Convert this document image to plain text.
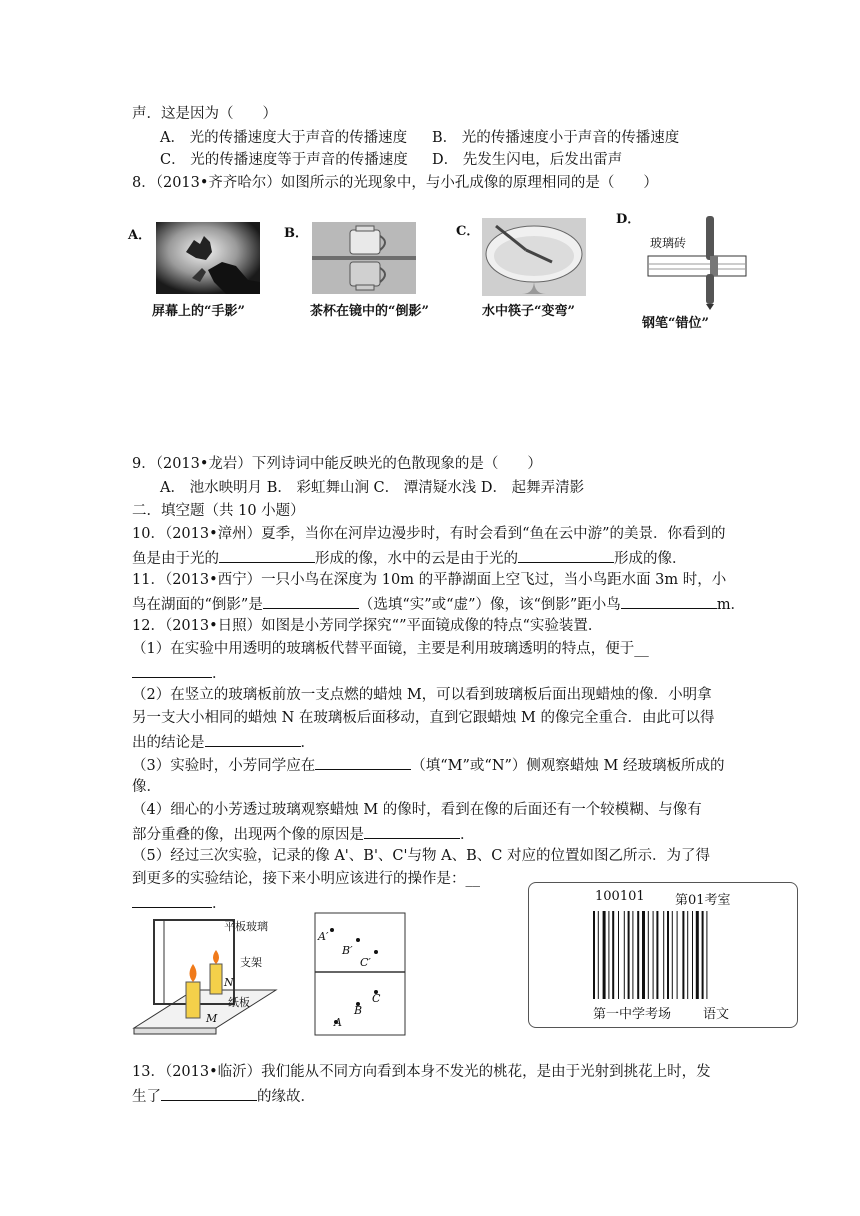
声．这是因为（　　）
A． 光的传播速度大于声音的传播速度 B． 光的传播速度小于声音的传播速度
C． 光的传播速度等于声音的传播速度 D． 先发生闪电，后发出雷声
8．（2013•齐齐哈尔）如图所示的光现象中，与小孔成像的原理相同的是（　　）
A．	B．	C．
D．
屏幕上的“手影”	茶杯在镜中的“倒影”	水中筷子“变弯”
玻璃砖
钢笔“错位”
9．（2013•龙岩）下列诗词中能反映光的色散现象的是（　　）
A． 池水映明月 B． 彩虹舞山涧 C． 潭清疑水浅 D． 起舞弄清影
二．填空题（共 10 小题）
10．（2013•漳州）夏季，当你在河岸边漫步时，有时会看到“鱼在云中游”的美景．你看到的
鱼是由于光的	形成的像，水中的云是由于光的	形成的像．
11．（2013•西宁）一只小鸟在深度为 10m 的平静湖面上空飞过，当小鸟距水面 3m 时，小
鸟在湖面的“倒影”是	（选填“实”或“虚”）像，该“倒影”距小鸟	m．
12．（2013•日照）如图是小芳同学探究“”平面镜成像的特点“实验装置．
（1）在实验中用透明的玻璃板代替平面镜，主要是利用玻璃透明的特点，便于__
．
（2）在竖立的玻璃板前放一支点燃的蜡烛 M，可以看到玻璃板后面出现蜡烛的像．小明拿
另一支大小相同的蜡烛 N 在玻璃板后面移动，直到它跟蜡烛 M 的像完全重合．由此可以得
出的结论是	．
（3）实验时，小芳同学应在	（填“M”或“N”）侧观察蜡烛 M 经玻璃板所成的
像．
（4）细心的小芳透过玻璃观察蜡烛 M 的像时，看到在像的后面还有一个较模糊、与像有
部分重叠的像，出现两个像的原因是	．
（5）经过三次实验，记录的像 A'、B'、C'与物 A、B、C 对应的位置如图乙所示．为了得
到更多的实验结论，接下来小明应该进行的操作是：__
．
平板玻璃
支架
纸板
M
N
A′
B′
C′
A
B
C
100101 第01考室
第一中学考场 语文
13．（2013•临沂）我们能从不同方向看到本身不发光的桃花，是由于光射到挑花上时，发
生了	的缘故．
